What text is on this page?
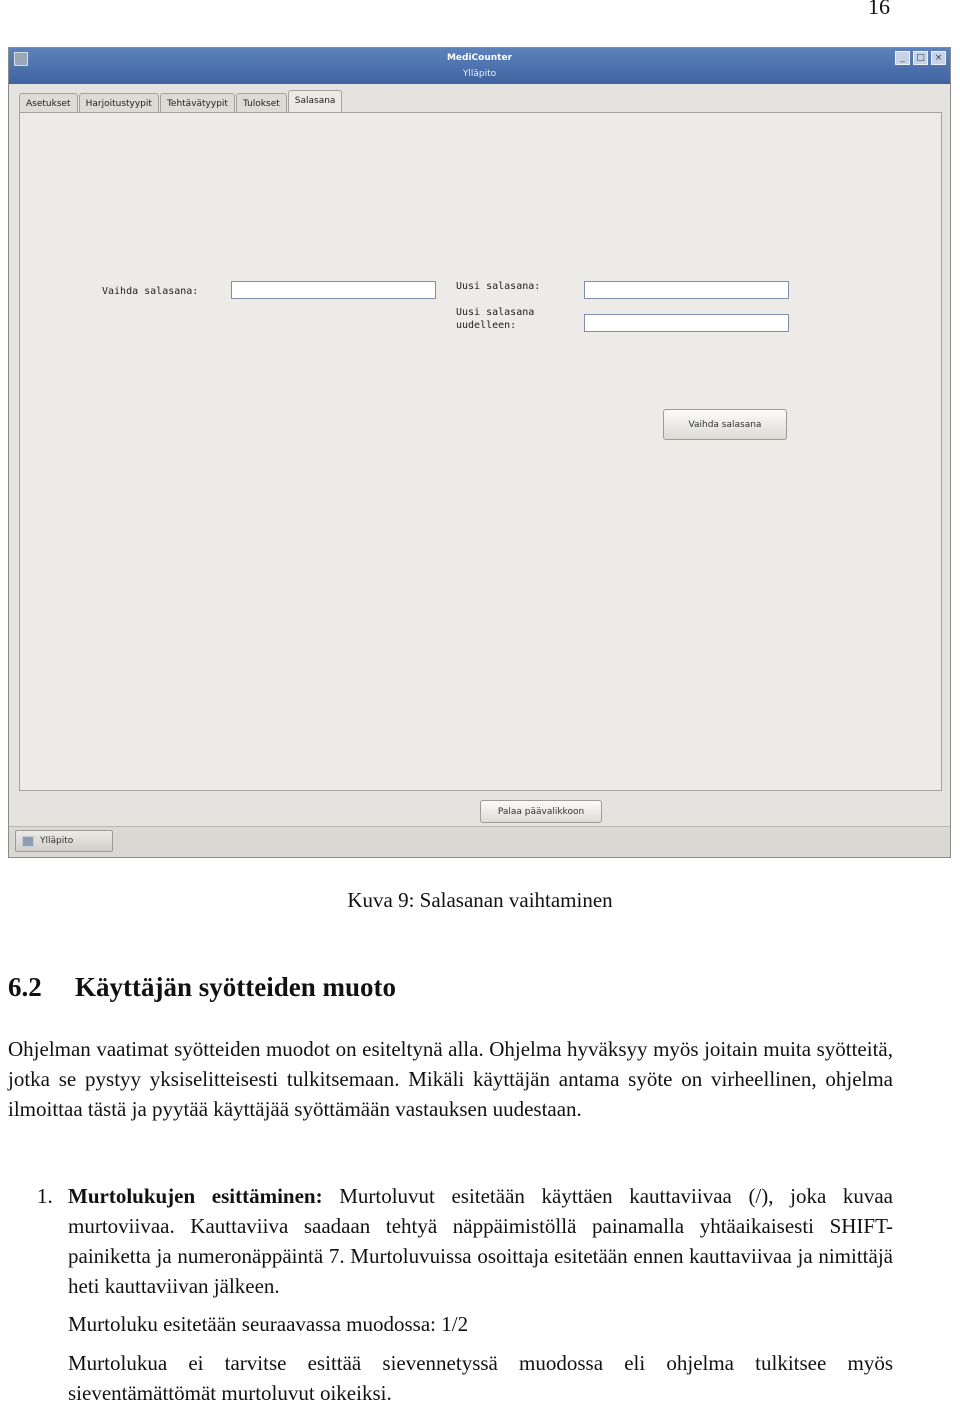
16
MediCounter
Ylläpito
_	□	×
Asetukset	Harjoitustyypit	Tehtävätyypit	Tulokset	Salasana
Vaihda salasana:	Uusi salasana:
Uusi salasana
uudelleen:
Vaihda salasana
Palaa päävalikkoon
Ylläpito
Kuva 9: Salasanan vaihtaminen
6.2 Käyttäjän syötteiden muoto

Ohjelman vaatimat syötteiden muodot on esiteltynä alla. Ohjelma hyväksyy myös joitain muita syötteitä, jotka se pystyy yksiselitteisesti tulkitsemaan. Mikäli käyttäjän antama syöte on virheellinen, ohjelma ilmoittaa tästä ja pyytää käyttäjää syöttämään vastauksen uudestaan.

1. Murtolukujen esittäminen: Murtoluvut esitetään käyttäen kauttaviivaa (/), joka kuvaa murtoviivaa. Kauttaviiva saadaan tehtyä näppäimistöllä painamalla yhtäaikaisesti SHIFT-painiketta ja numeronäppäintä 7. Murtoluvuissa osoittaja esitetään ennen kauttaviivaa ja nimittäjä heti kauttaviivan jälkeen.

Murtoluku esitetään seuraavassa muodossa: 1/2

Murtolukua ei tarvitse esittää sievennetyssä muodossa eli ohjelma tulkitsee myös sieventämättömät murtoluvut oikeiksi.
